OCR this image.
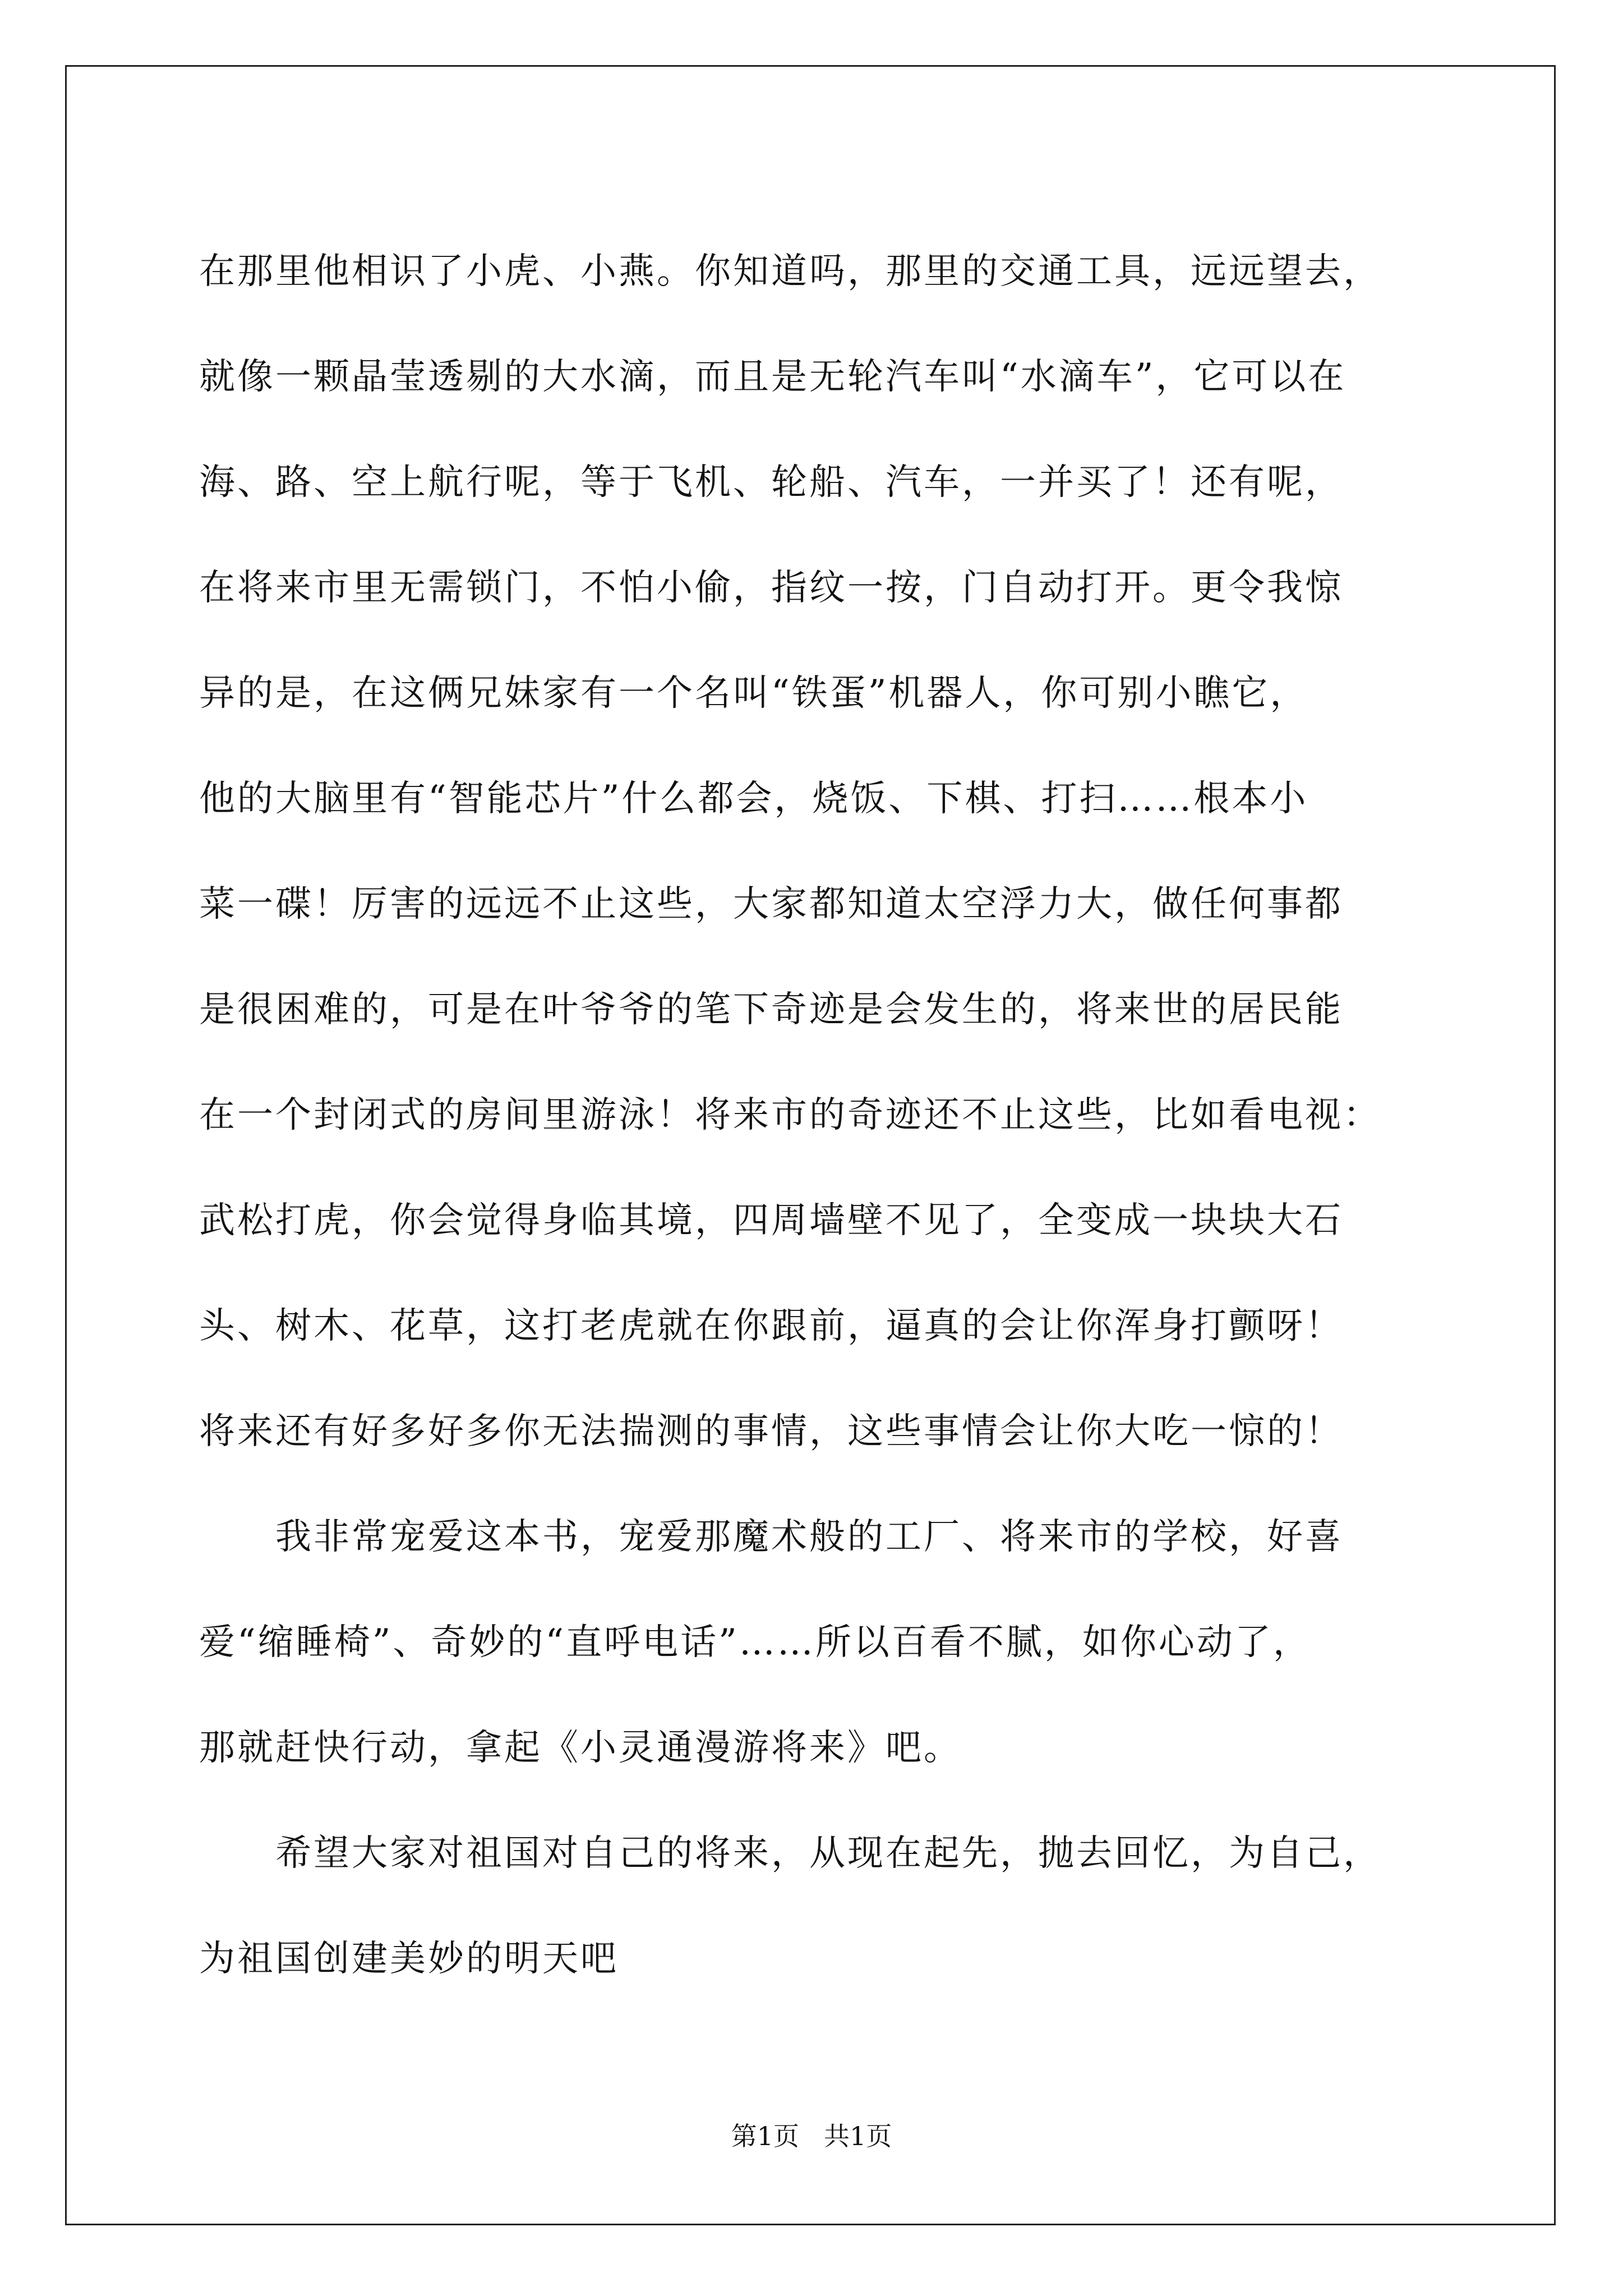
在那里他相识了小虎、小燕。你知道吗，那里的交通工具，远远望去，
就像一颗晶莹透剔的大水滴，而且是无轮汽车叫“水滴车”，它可以在
海、路、空上航行呢，等于飞机、轮船、汽车，一并买了！还有呢，
在将来市里无需锁门，不怕小偷，指纹一按，门自动打开。更令我惊
异的是，在这俩兄妹家有一个名叫“铁蛋”机器人，你可别小瞧它，
他的大脑里有“智能芯片”什么都会，烧饭、下棋、打扫……根本小
菜一碟！厉害的远远不止这些，大家都知道太空浮力大，做任何事都
是很困难的，可是在叶爷爷的笔下奇迹是会发生的，将来世的居民能
在一个封闭式的房间里游泳！将来市的奇迹还不止这些，比如看电视：
武松打虎，你会觉得身临其境，四周墙壁不见了，全变成一块块大石
头、树木、花草，这打老虎就在你跟前，逼真的会让你浑身打颤呀！
将来还有好多好多你无法揣测的事情，这些事情会让你大吃一惊的！
我非常宠爱这本书，宠爱那魔术般的工厂、将来市的学校，好喜
爱“缩睡椅”、奇妙的“直呼电话”……所以百看不腻，如你心动了，
那就赶快行动，拿起《小灵通漫游将来》吧。
希望大家对祖国对自己的将来，从现在起先，抛去回忆，为自己，
为祖国创建美妙的明天吧
第1页 共1页
